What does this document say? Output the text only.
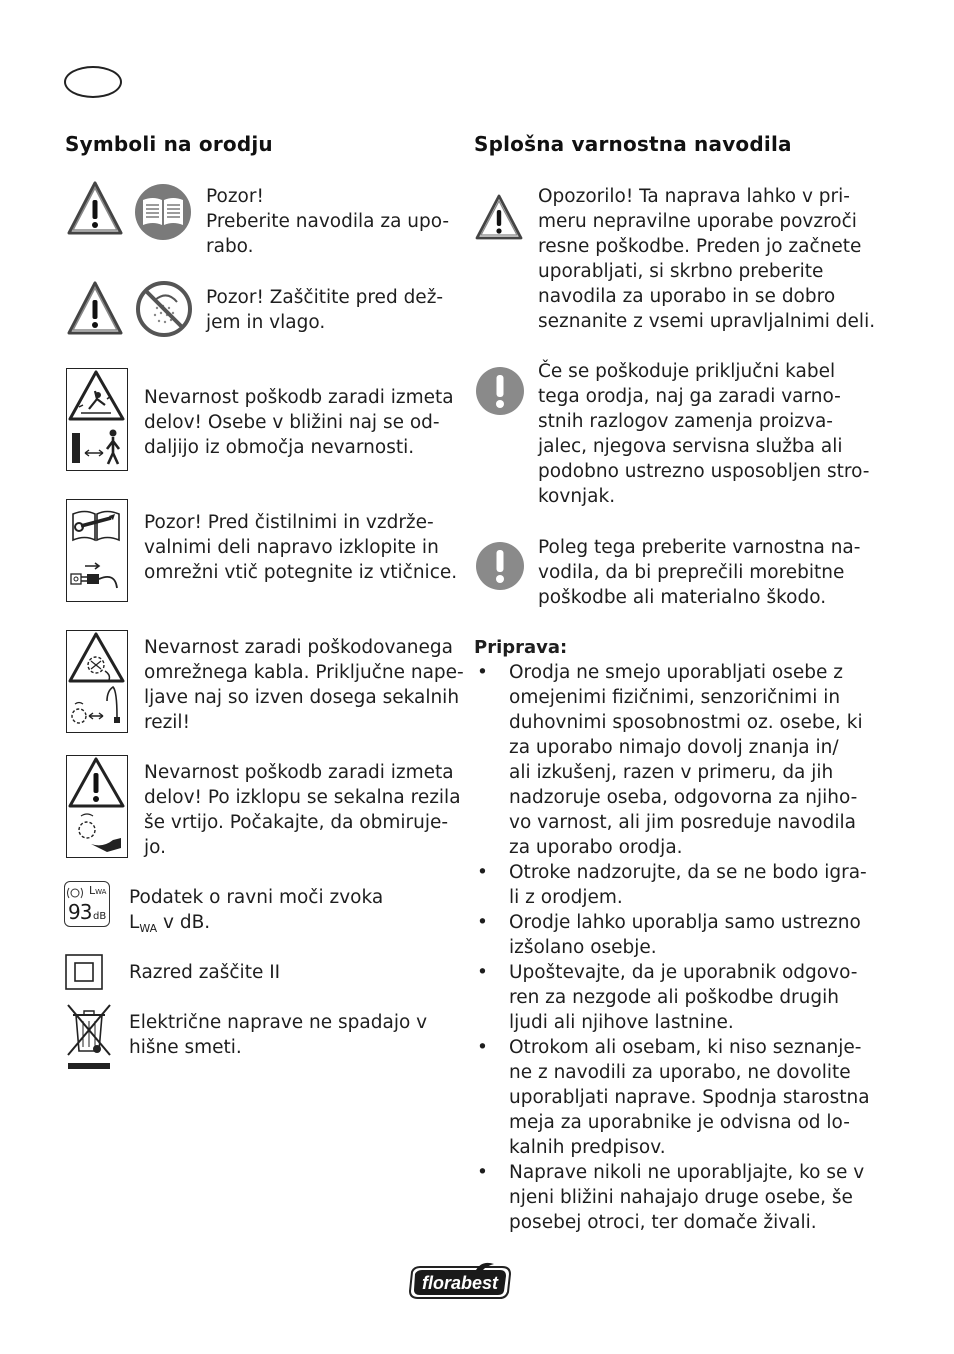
Symboli na orodju
Pozor!
Preberite navodila za upo-
rabo.
Pozor! Zaščitite pred dež-
jem in vlago.
Nevarnost poškodb zaradi izmeta
delov! Osebe v bližini naj se od-
daljijo iz območja nevarnosti.
Pozor! Pred čistilnimi in vzdrže-
valnimi deli napravo izklopite in
omrežni vtič potegnite iz vtičnice.
Nevarnost zaradi poškodovanega
omrežnega kabla. Priključne nape-
ljave naj so izven dosega sekalnih
rezil!
Nevarnost poškodb zaradi izmeta
delov! Po izklopu se sekalna rezila
še vrtijo. Počakajte, da obmiruje-
jo.
LWA
93 dB
Podatek o ravni moči zvoka
$L_{WA}$ v dB.
Razred zaščite II
Električne naprave ne spadajo v
hišne smeti.
Splošna varnostna navodila
Opozorilo! Ta naprava lahko v pri-
meru nepravilne uporabe povzroči
resne poškodbe. Preden jo začnete
uporabljati, si skrbno preberite
navodila za uporabo in se dobro
seznanite z vsemi upravljalnimi deli.
Če se poškoduje priključni kabel
tega orodja, naj ga zaradi varno-
stnih razlogov zamenja proizva-
jalec, njegova servisna služba ali
podobno ustrezno usposobljen stro-
kovnjak.
Poleg tega preberite varnostna na-
vodila, da bi preprečili morebitne
poškodbe ali materialno škodo.
Priprava:
• Orodja ne smejo uporabljati osebe z
omejenimi fizičnimi, senzoričnimi in
duhovnimi sposobnostmi oz. osebe, ki
za uporabo nimajo dovolj znanja in/
ali izkušenj, razen v primeru, da jih
nadzoruje oseba, odgovorna za njiho-
vo varnost, ali jim posreduje navodila
za uporabo orodja.
• Otroke nadzorujte, da se ne bodo igra-
li z orodjem.
• Orodje lahko uporablja samo ustrezno
izšolano osebje.
• Upoštevajte, da je uporabnik odgovo-
ren za nezgode ali poškodbe drugih
ljudi ali njihove lastnine.
• Otrokom ali osebam, ki niso seznanje-
ne z navodili za uporabo, ne dovolite
uporabljati naprave. Spodnja starostna
meja za uporabnike je odvisna od lo-
kalnih predpisov.
• Naprave nikoli ne uporabljajte, ko se v
njeni bližini nahajajo druge osebe, še
posebej otroci, ter domače živali.
florabest
